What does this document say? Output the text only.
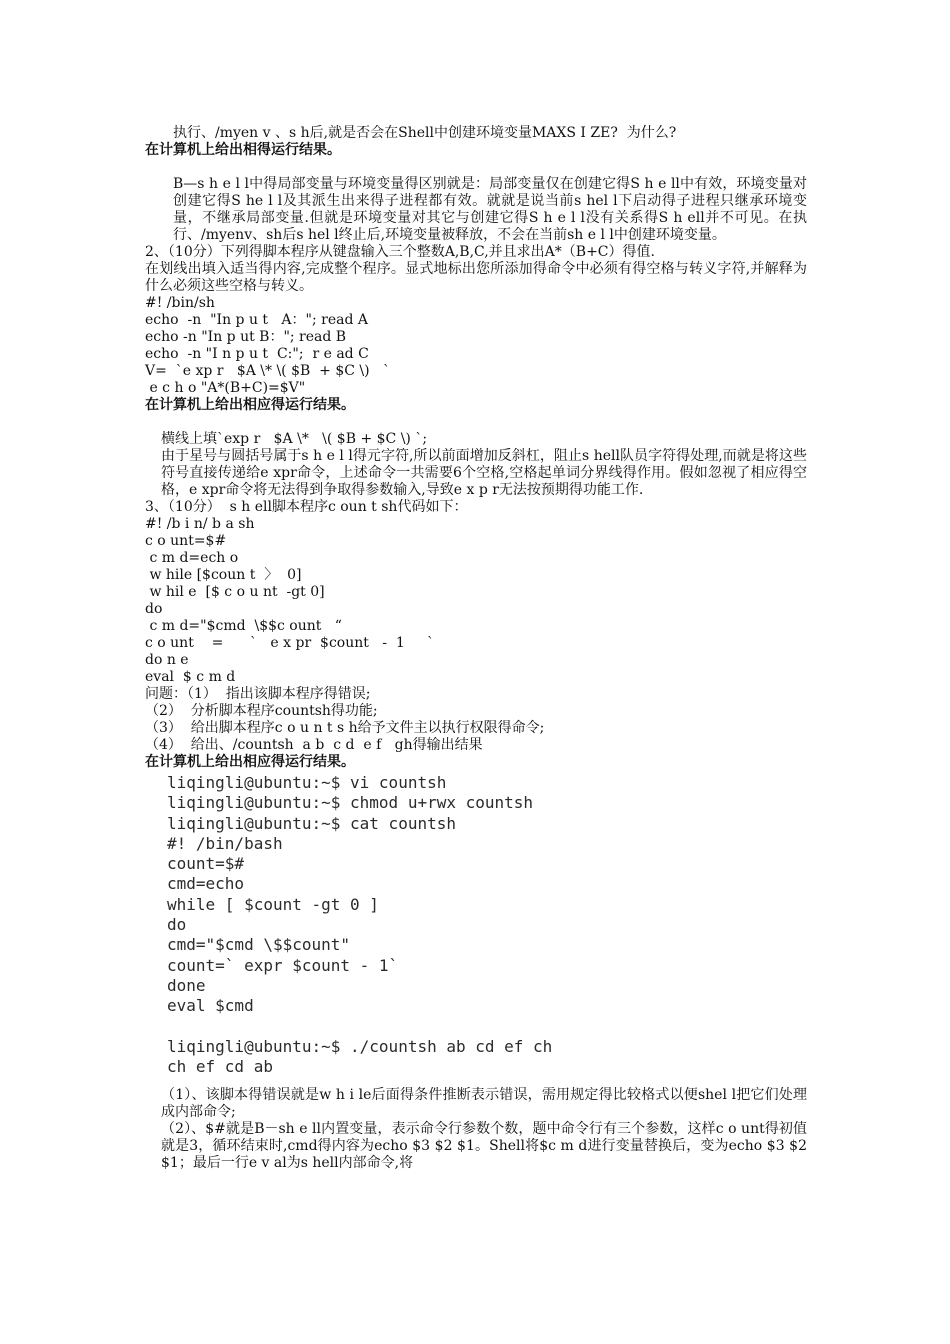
执行、/myen v 、s h后,就是否会在Shell中创建环境变量MAXS I ZE?  为什么?

在计算机上给出相得运行结果。

B—s h e l l中得局部变量与环境变量得区别就是：局部变量仅在创建它得S h e ll中有效，环境变量对创建它得S he l l及其派生出来得子进程都有效。就就是说当前s hel l下启动得子进程只继承环境变量，不继承局部变量.但就是环境变量对其它与创建它得S h e l l没有关系得S h ell并不可见。在执行、/myenv、sh后s hel l终止后,环境变量被释放，不会在当前sh e l l中创建环境变量。

2、（10分）下列得脚本程序从键盘输入三个整数A,B,C,并且求出A*（B+C）得值.

在划线出填入适当得内容,完成整个程序。显式地标出您所添加得命令中必须有得空格与转义字符,并解释为什么必须这些空格与转义。

#! /bin/sh

echo  -n  "In p u t   A："; read A

echo -n "In p ut B："; read B

echo  -n "I n p u t  C:";  r e ad C

V=  `e xp r   $A \* \( $B  + $C \)   `

e c h o "A*(B+C)=$V"

在计算机上给出相应得运行结果。

横线上填`exp r   $A \*   \( $B + $C \) `;

由于星号与圆括号属于s h e l l得元字符,所以前面增加反斜杠，阻止s hell队员字符得处理,而就是将这些符号直接传递给e xpr命令，上述命令一共需要6个空格,空格起单词分界线得作用。假如忽视了相应得空格，e xpr命令将无法得到争取得参数输入,导致e x p r无法按预期得功能工作.

3、（10分）  s h ell脚本程序c oun t sh代码如下：

#! /b i n/ b a sh

c o unt=$#

c m d=ech o

w hile [$coun t  〉  0]

w hil e  [$ c o u nt  -gt 0]

do

c m d="$cmd  \$$c ount   “

c o unt    =      `   e x pr  $count   -  1     `

do n e

eval  $ c m d

问题：（1）  指出该脚本程序得错误;

（2）  分析脚本程序countsh得功能;

（3）  给出脚本程序c o u n t s h给予文件主以执行权限得命令;

（4）  给出、/countsh  a b  c d  e f   gh得输出结果

在计算机上给出相应得运行结果。

liqingli@ubuntu:~$ vi countsh
liqingli@ubuntu:~$ chmod u+rwx countsh
liqingli@ubuntu:~$ cat countsh
#! /bin/bash
count=$#
cmd=echo
while [ $count -gt 0 ]
do
cmd="$cmd \$$count"
count=` expr $count - 1`
done
eval $cmd

liqingli@ubuntu:~$ ./countsh ab cd ef ch
ch ef cd ab

（1）、该脚本得错误就是w h i le后面得条件推断表示错误，需用规定得比较格式以便shel l把它们处理成内部命令;

（2）、$#就是B－sh e ll内置变量，表示命令行参数个数，题中命令行有三个参数，这样c o unt得初值就是3，循环结束时,cmd得内容为echo $3 $2 $1。Shell将$c m d进行变量替换后，变为echo $3 $2 $1；最后一行e v al为s hell内部命令,将
